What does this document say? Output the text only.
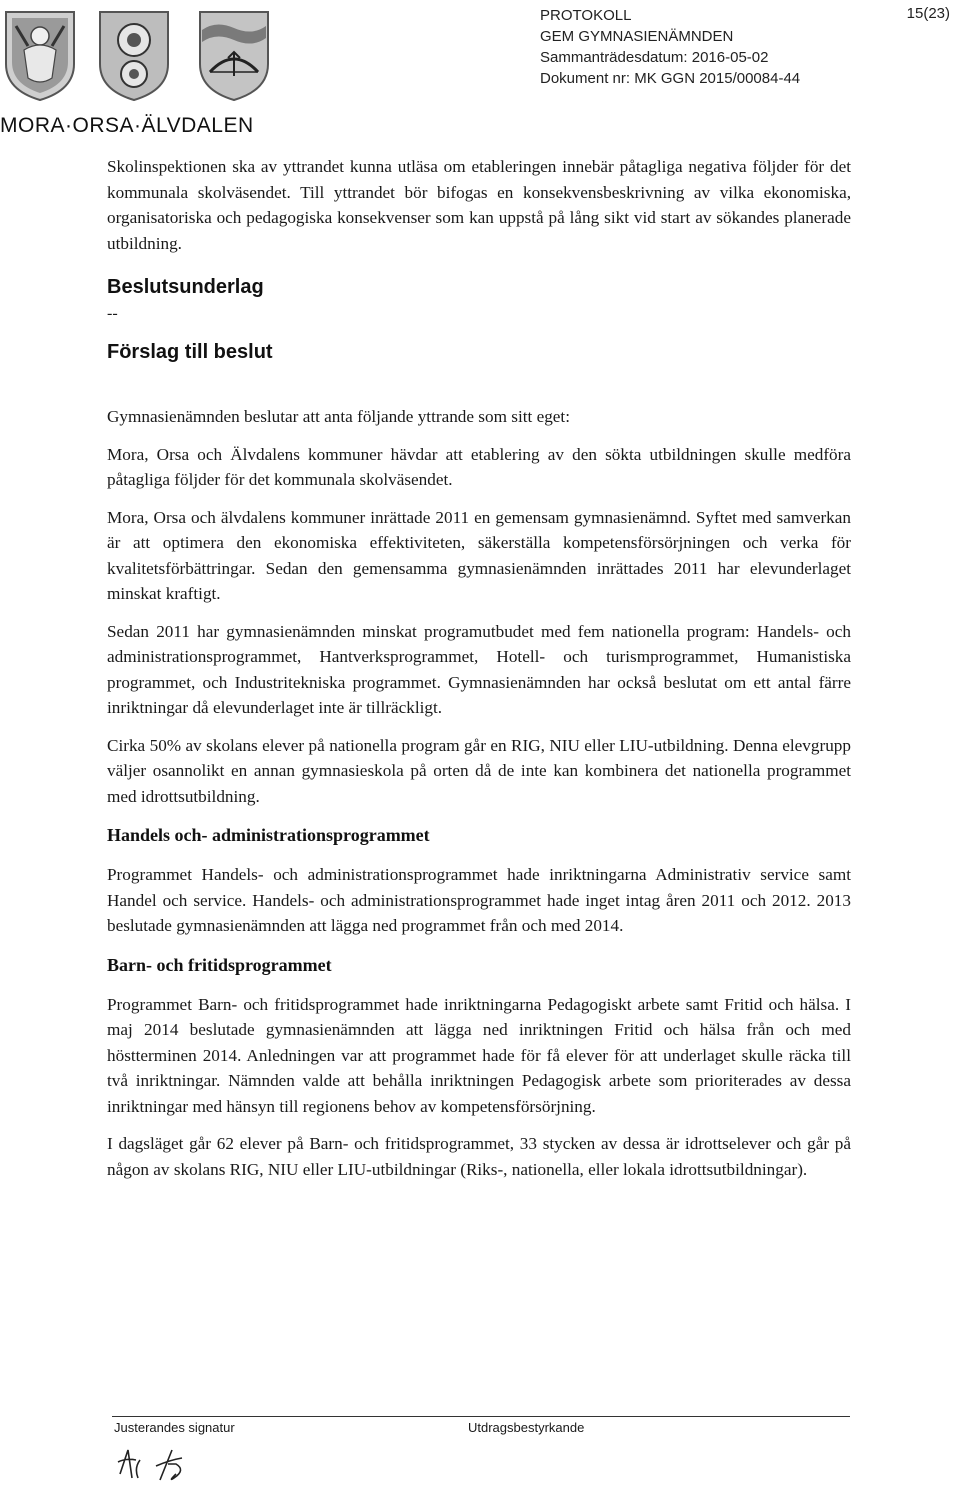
MORA·ORSA·ÄLVDALEN
PROTOKOLL
GEM GYMNASIENÄMNDEN
Sammanträdesdatum: 2016-05-02
Dokument nr: MK GGN 2015/00084-44
15(23)

Skolinspektionen ska av yttrandet kunna utläsa om etableringen innebär påtagliga negativa följder för det kommunala skolväsendet. Till yttrandet bör bifogas en konsekvensbeskrivning av vilka ekonomiska, organisatoriska och pedagogiska konsekvenser som kan uppstå på lång sikt vid start av sökandes planerade utbildning.

Beslutsunderlag

--

Förslag till beslut

Gymnasienämnden beslutar att anta följande yttrande som sitt eget:

Mora, Orsa och Älvdalens kommuner hävdar att etablering av den sökta utbildningen skulle medföra påtagliga följder för det kommunala skolväsendet.

Mora, Orsa och älvdalens kommuner inrättade 2011 en gemensam gymnasienämnd. Syftet med samverkan är att optimera den ekonomiska effektiviteten, säkerställa kompetensförsörjningen och verka för kvalitetsförbättringar. Sedan den gemensamma gymnasienämnden inrättades 2011 har elevunderlaget minskat kraftigt.

Sedan 2011 har gymnasienämnden minskat programutbudet med fem nationella program: Handels- och administrationsprogrammet, Hantverksprogrammet, Hotell- och turismprogrammet, Humanistiska programmet, och Industritekniska programmet. Gymnasienämnden har också beslutat om ett antal färre inriktningar då elevunderlaget inte är tillräckligt.

Cirka 50% av skolans elever på nationella program går en RIG, NIU eller LIU-utbildning. Denna elevgrupp väljer osannolikt en annan gymnasieskola på orten då de inte kan kombinera det nationella programmet med idrottsutbildning.

Handels och- administrationsprogrammet

Programmet Handels- och administrationsprogrammet hade inriktningarna Administrativ service samt Handel och service. Handels- och administrationsprogrammet hade inget intag åren 2011 och 2012. 2013 beslutade gymnasienämnden att lägga ned programmet från och med 2014.

Barn- och fritidsprogrammet

Programmet Barn- och fritidsprogrammet hade inriktningarna Pedagogiskt arbete samt Fritid och hälsa. I maj 2014 beslutade gymnasienämnden att lägga ned inriktningen Fritid och hälsa från och med höstterminen 2014. Anledningen var att programmet hade för få elever för att underlaget skulle räcka till två inriktningar. Nämnden valde att behålla inriktningen Pedagogisk arbete som prioriterades av dessa inriktningar med hänsyn till regionens behov av kompetensförsörjning.

I dagsläget går 62 elever på Barn- och fritidsprogrammet, 33 stycken av dessa är idrottselever och går på någon av skolans RIG, NIU eller LIU-utbildningar (Riks-, nationella, eller lokala idrottsutbildningar).

Justerandes signatur	Utdragsbestyrkande
